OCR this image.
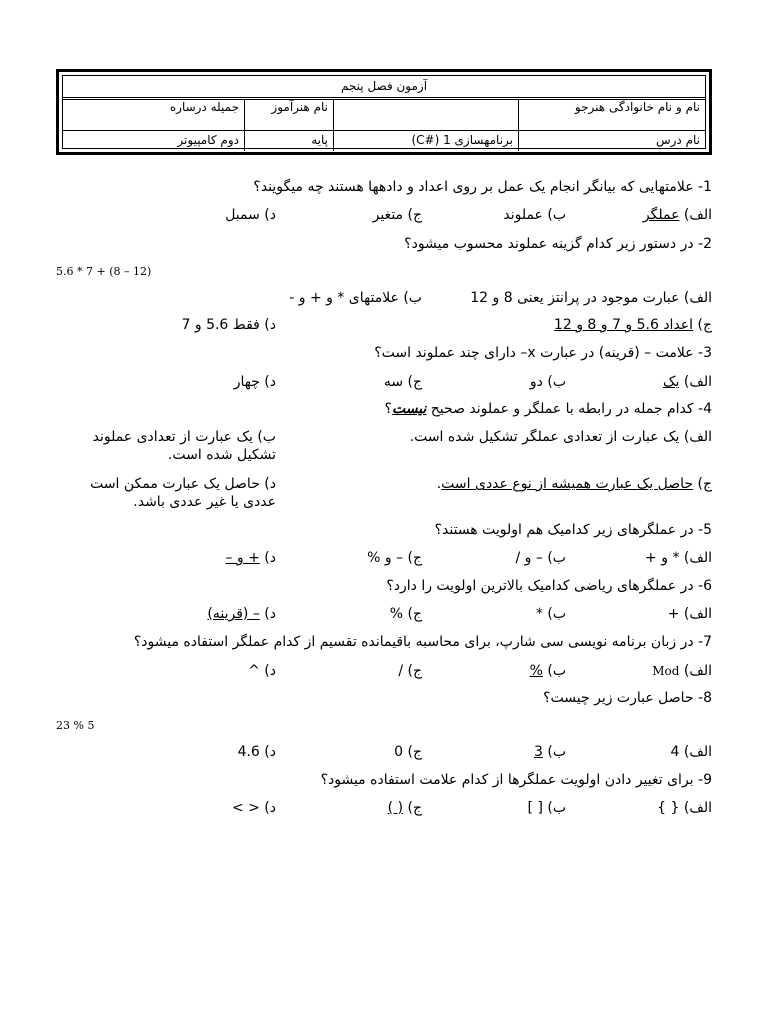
آزمون فصل پنجم
نام و نام خانوادگی هنرجو		نام هنرآموز	جمیله درساره
نام درس	برنامهسازی 1 (#C)	پایه	دوم کامپیوتر
1- علامتهایی که بیانگر انجام یک عمل بر روی اعداد و دادهها هستند چه میگویند؟
الف) عملگر
ب) عملوند
ج) متغیر
د) سمبل
2- در دستور زیر کدام گزینه عملوند محسوب میشود؟
5.6 * 7 + (8 – 12)
الف) عبارت موجود در پرانتز یعنی 8 و 12
ب) علامتهای * و + و -
ج) اعداد 5.6 و 7 و 8 و 12
د) فقط 5.6 و 7
3- علامت – (قرینه) در عبارت x– دارای چند عملوند است؟
الف) یک
ب) دو
ج) سه
د) چهار
4- کدام جمله در رابطه با عملگر و عملوند صحیح نیست؟
الف) یک عبارت از تعدادی عملگر تشکیل شده است.
ب) یک عبارت از تعدادی عملوند تشکیل شده است.
ج) حاصل یک عبارت همیشه از نوع عددی است.
د) حاصل یک عبارت ممکن است عددی یا غیر عددی باشد.
5- در عملگرهای زیر کدامیک هم اولویت هستند؟
الف) * و +
ب) – و /
ج) – و %
د) + و –
6- در عملگرهای ریاضی کدامیک بالاترین اولویت را دارد؟
الف) +
ب) *
ج) %
د) – (قرینه)
7- در زبان برنامه نویسی سی شارپ، برای محاسبه باقیمانده تقسیم از کدام عملگر استفاده میشود؟
الف) Mod
ب) %
ج) /
د) ^
8- حاصل عبارت زیر چیست؟
23 % 5
الف) 4
ب) 3
ج) 0
د) 4.6
9- برای تغییر دادن اولویت عملگرها از کدام علامت استفاده میشود؟
الف) { }
ب) [ ]
ج) ( )
د) < >
